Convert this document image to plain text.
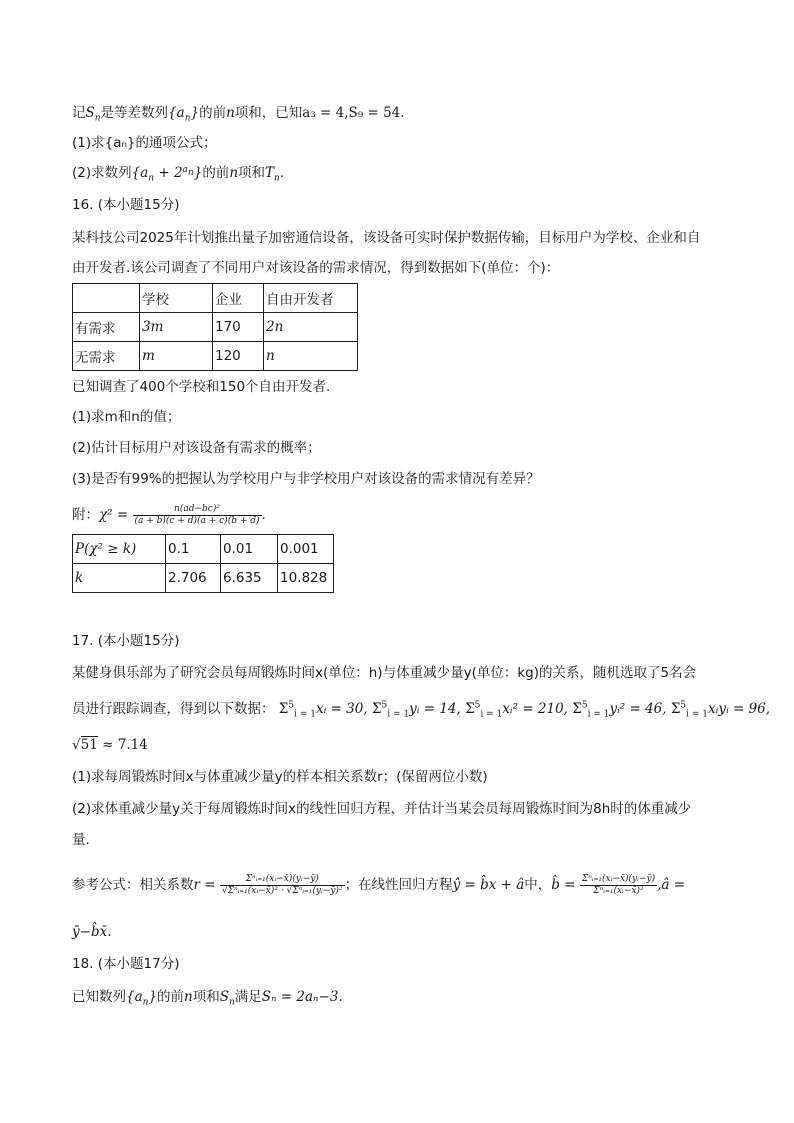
记$S_n$是等差数列$\{a_n\}$的前n项和，已知a₃ = 4,S₉ = 54.
(1)求{aₙ}的通项公式；
(2)求数列$\{a_n + 2^{a_n}\}$的前n项和$T_n$.
16. (本小题15分)
某科技公司2025年计划推出量子加密通信设备，该设备可实时保护数据传输，目标用户为学校、企业和自
由开发者.该公司调查了不同用户对该设备的需求情况，得到数据如下(单位：个)：
	学校	企业	自由开发者
有需求	3m	170	2n
无需求	m	120	n
已知调查了400个学校和150个自由开发者.
(1)求m和n的值；
(2)估计目标用户对该设备有需求的概率；
(3)是否有99%的把握认为学校用户与非学校用户对该设备的需求情况有差异？
附：$\chi^2 = \frac{\text{n(ad−bc)²}}{(a + b)(c + d)(a + c)(b + d)}$ .
P(χ² ≥ k)	0.1	0.01	0.001
k	2.706	6.635	10.828
17. (本小题15分)
某健身俱乐部为了研究会员每周锻炼时间x(单位：h)与体重减少量y(单位：kg)的关系，随机选取了5名会
员进行跟踪调查，得到以下数据： $\Sigma^5_{i = 1}xᵢ = 30$, $\Sigma^5_{i = 1}yᵢ = 14$, $\Sigma^5_{i = 1}xᵢ^2 = 210$, $\Sigma^5_{i = 1}yᵢ^2 = 46$, $\Sigma^5_{i = 1}xᵢyᵢ = 96$,
√51 ≈ 7.14
(1)求每周锻炼时间x与体重减少量y的样本相关系数r；(保留两位小数)
(2)求体重减少量y关于每周锻炼时间x的线性回归方程，并估计当某会员每周锻炼时间为8h时的体重减少
量.
参考公式：相关系数$r = \frac{\text{Σⁿᵢ₌₁(xᵢ−x̄)(yᵢ−ȳ)}}{\text{√Σⁿᵢ₌₁(xᵢ−x̄)² · √Σⁿᵢ₌₁(yᵢ−ȳ)²}}$ ；在线性回归方程ŷ = b̂x + â中，b̂ = $\frac{\text{Σⁿᵢ₌₁(xᵢ−x̄)(yᵢ−ȳ)}}{\text{Σⁿᵢ₌₁(xᵢ−x̄)²}}$ ,â =
ȳ−b̂x̄.
18. (本小题17分)
已知数列$\{a_n\}$的前n项和$S_n$满足Sₙ = 2aₙ−3.
